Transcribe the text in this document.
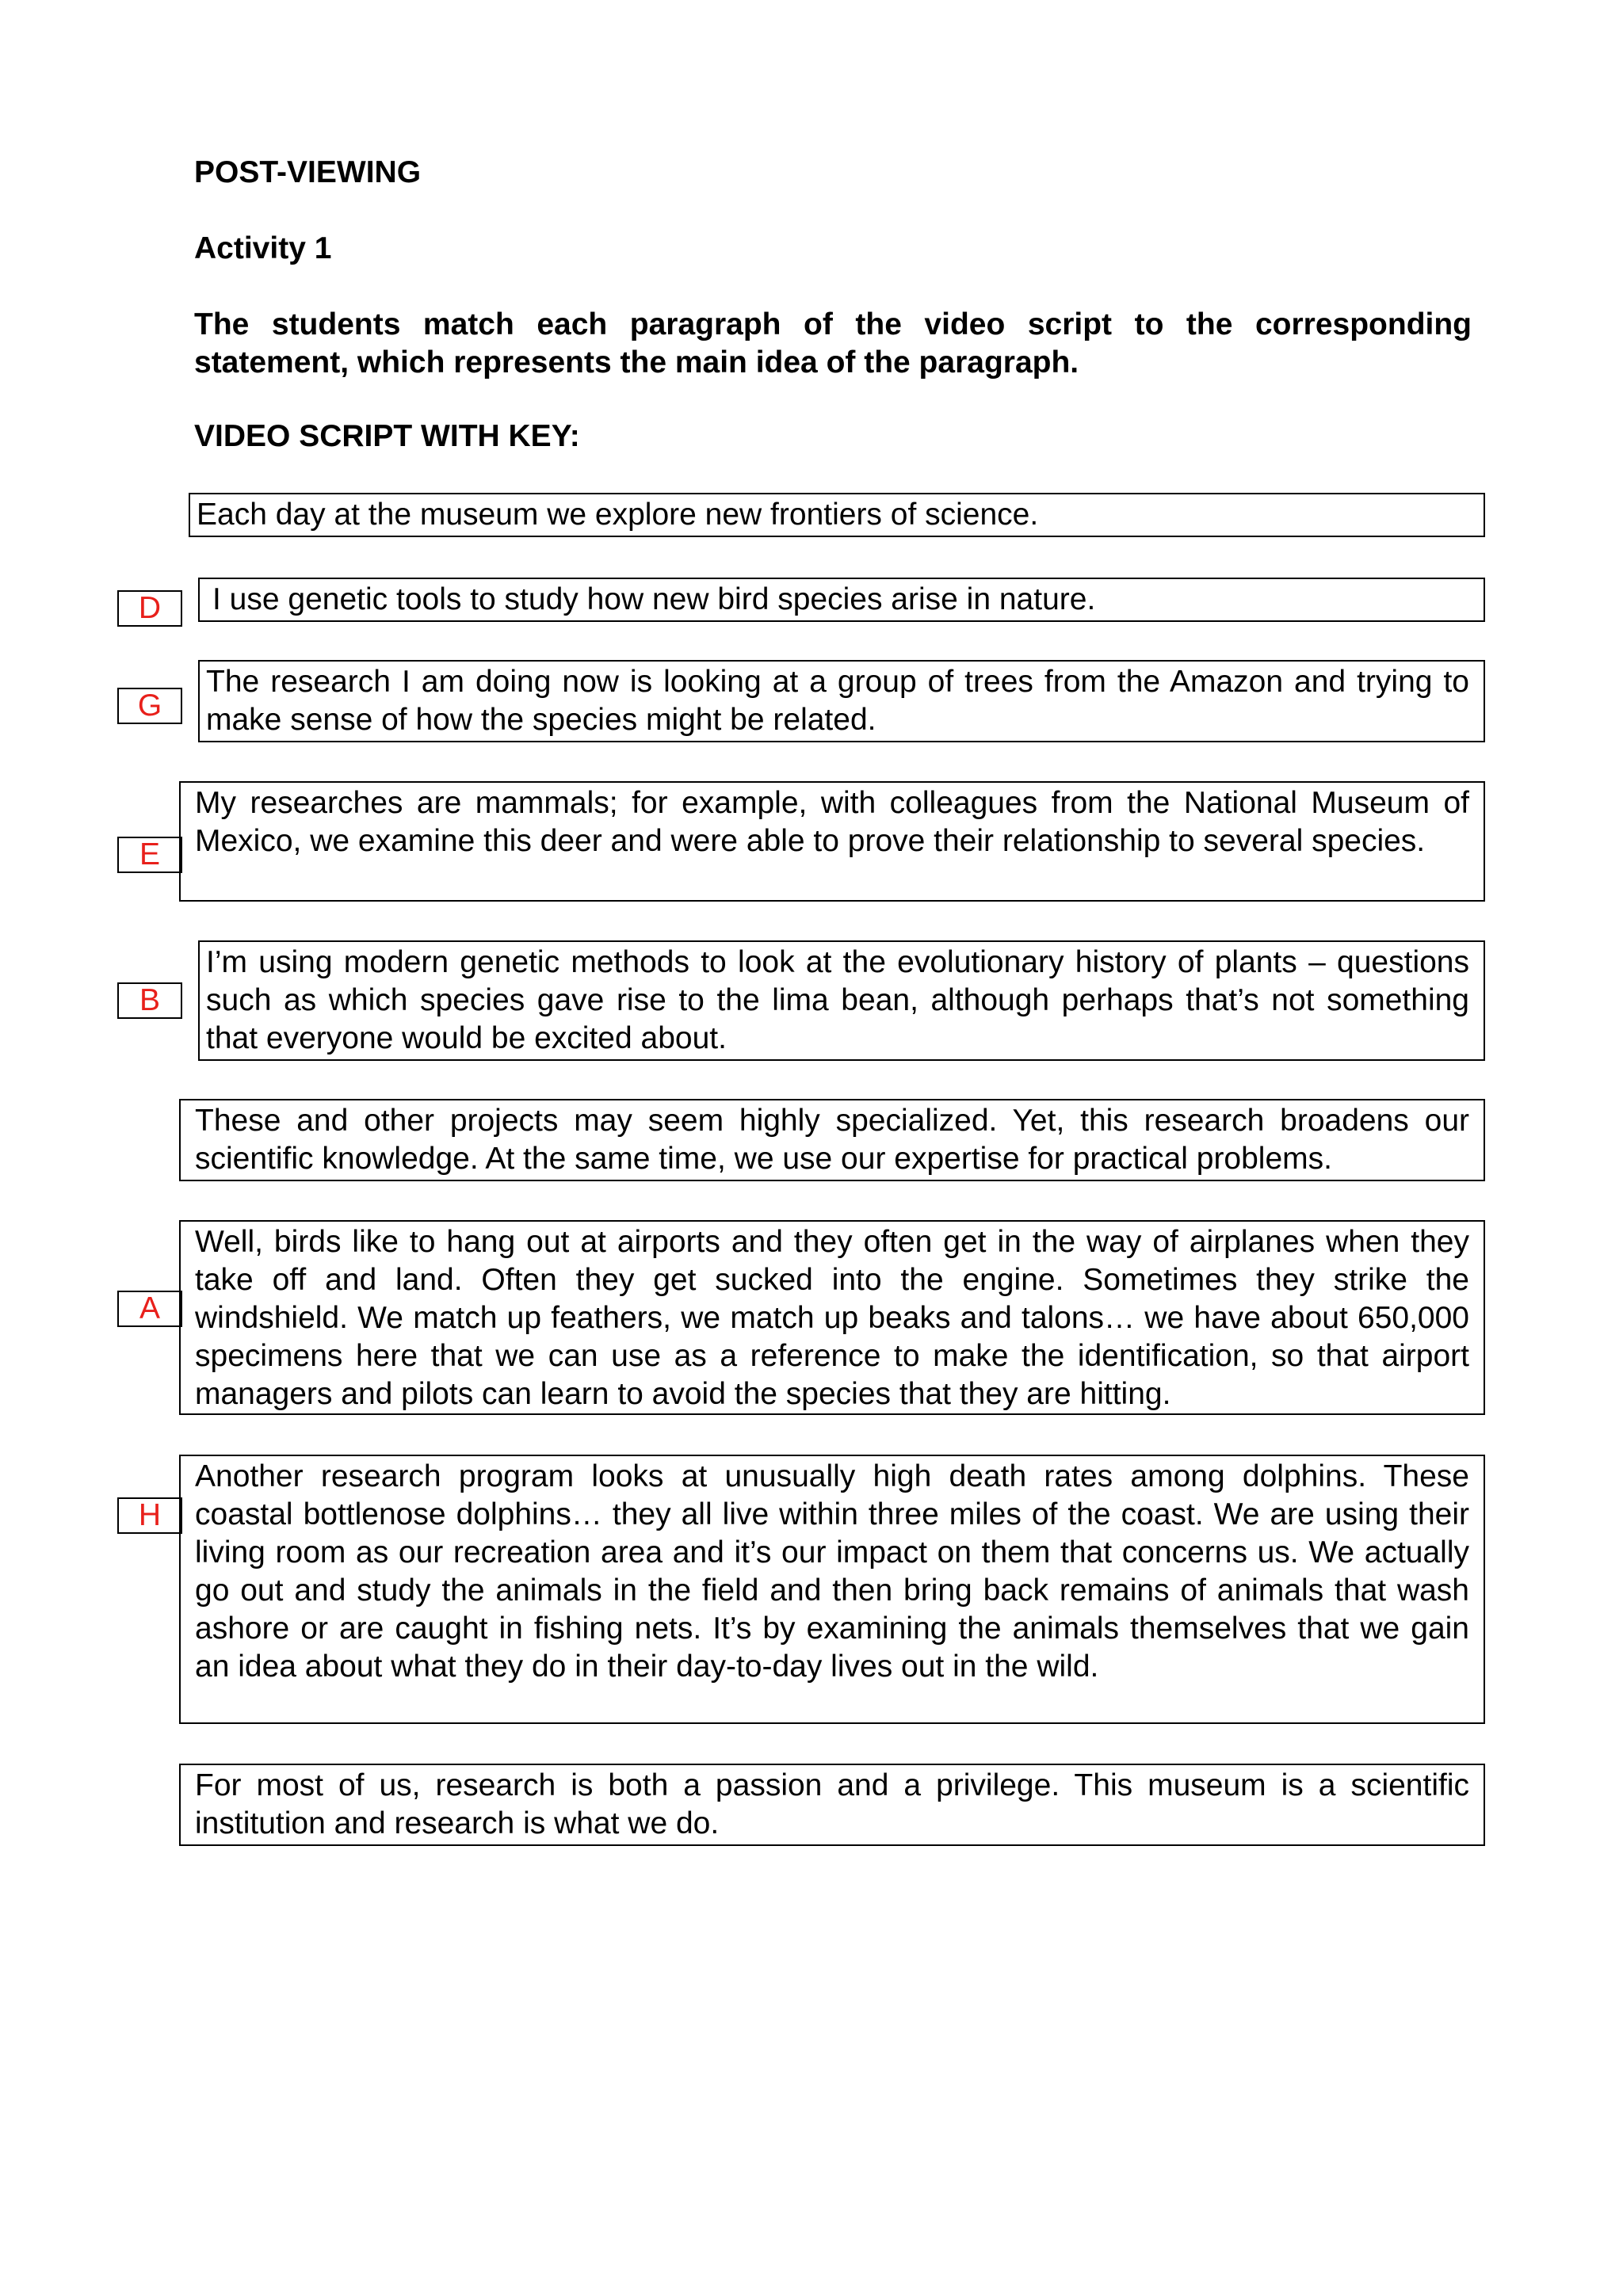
POST-VIEWING

Activity 1

The students match each paragraph of the video script to the corresponding statement, which represents the main idea of the paragraph.

VIDEO SCRIPT WITH KEY:

Each day at the museum we explore new frontiers of science.
D	I use genetic tools to study how new bird species arise in nature.
G
The research I am doing now is looking at a group of trees from the Amazon and trying to make sense of how the species might be related.
E
My researches are mammals; for example, with colleagues from the National Museum of Mexico, we examine this deer and were able to prove their relationship to several species.
B
I’m using modern genetic methods to look at the evolutionary history of plants – questions such as which species gave rise to the lima bean, although perhaps that’s not something that everyone would be excited about.
These and other projects may seem highly specialized. Yet, this research broadens our scientific knowledge. At the same time, we use our expertise for practical problems.
A
Well, birds like to hang out at airports and they often get in the way of airplanes when they take off and land. Often they get sucked into the engine. Sometimes they strike the windshield. We match up feathers, we match up beaks and talons… we have about 650,000 specimens here that we can use as a reference to make the identification, so that airport managers and pilots can learn to avoid the species that they are hitting.
H
Another research program looks at unusually high death rates among dolphins. These coastal bottlenose dolphins… they all live within three miles of the coast. We are using their living room as our recreation area and it’s our impact on them that concerns us. We actually go out and study the animals in the field and then bring back remains of animals that wash ashore or are caught in fishing nets. It’s by examining the animals themselves that we gain an idea about what they do in their day-to-day lives out in the wild.
For most of us, research is both a passion and a privilege. This museum is a scientific institution and research is what we do.
